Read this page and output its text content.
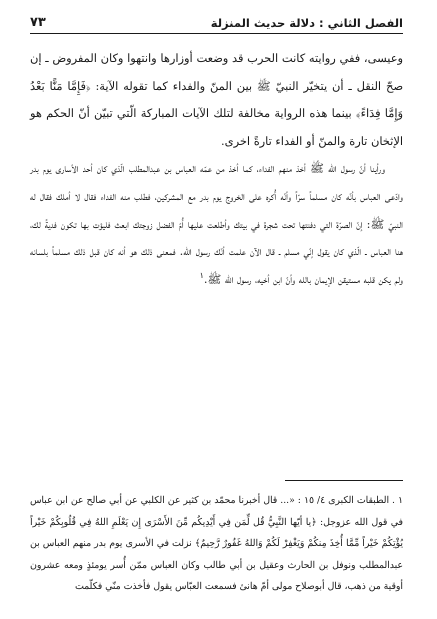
الفصل الثاني : دلالة حديث المنزلة
٧٣

وعيسى، ففي روايته كانت الحرب قد وضعت أوزارها وانتهوا وكان المفروض ـ إن صحّ النقل ـ أن يتخيّر النبيّ ﷺ بين المنّ والفداء كما تقوله الآية: ﴿فَإِمَّا مَنًّا بَعْدُ وَإِمَّا فِدَاءً﴾ بينما هذه الرواية مخالفة لتلك الآيات المباركة الّتي تبيّن أنّ الحكم هو الإثخان تارة والمنّ أو الفداء تارةً اخرى.

ورأينا أنّ رسول الله ﷺ أخذ منهم الفداء، كما أخذ من عمّه العباس بن عبدالمطلب الّذي كان أحد الأسارى يوم بدر وادّعى العباس بأنّه كان مسلماً سرّاً وأنّه أُكره على الخروج يوم بدر مع المشركين، فطلب منه الفداء فقال لا أملك فقال له النبيّ ﷺ: إنّ الصرّة التي دفنتها تحت شجرة في بيتك وأطلعت عليها أُمّ الفضل زوجتك ابعث فليؤت بها تكون فديةً لك، هنا العباس ـ الّذي كان يقول إنّي مسلم ـ قال الآن علمت أنّك رسول الله. فمعنى ذلك هو أنه كان قبل ذلك مسلماً بلسانه ولم يكن قلبه مستيقن الإيمان بالله وأنّ ابن أخيه، رسول الله ﷺ.$^١$

١ . الطبقات الكبرى ٤/ ١٥ : «... قال أخبرنا محمّد بن كثير عن الكلبي عن أبي صالح عن ابن عباس في قول الله عزوجل: ﴿يا أيّها النَّبِيُّ قُل لِّمَن فِي أَيْدِيكُم مِّنَ الأَسْرَى إِن يَعْلَمِ اللهُ فِي قُلُوبِكُمْ خَيْراً يُؤْتِكُمْ خَيْراً مِّمَّا أُخِذَ مِنكُمْ وَيَغْفِرْ لَكُمْ وَاللهُ غَفُورٌ رَّحِيمٌ﴾ نزلت في الأسرى يوم بدر منهم العباس بن عبدالمطلب ونوفل بن الحارث وعقيل بن أبي طالب وكان العباس ممّن أُسر يومئذٍ ومعه عشرون أوقية من ذهب، قال أبوصلاح مولى أمّ هانئ فسمعت العبّاس يقول فأخذت منّي فكلّمت
